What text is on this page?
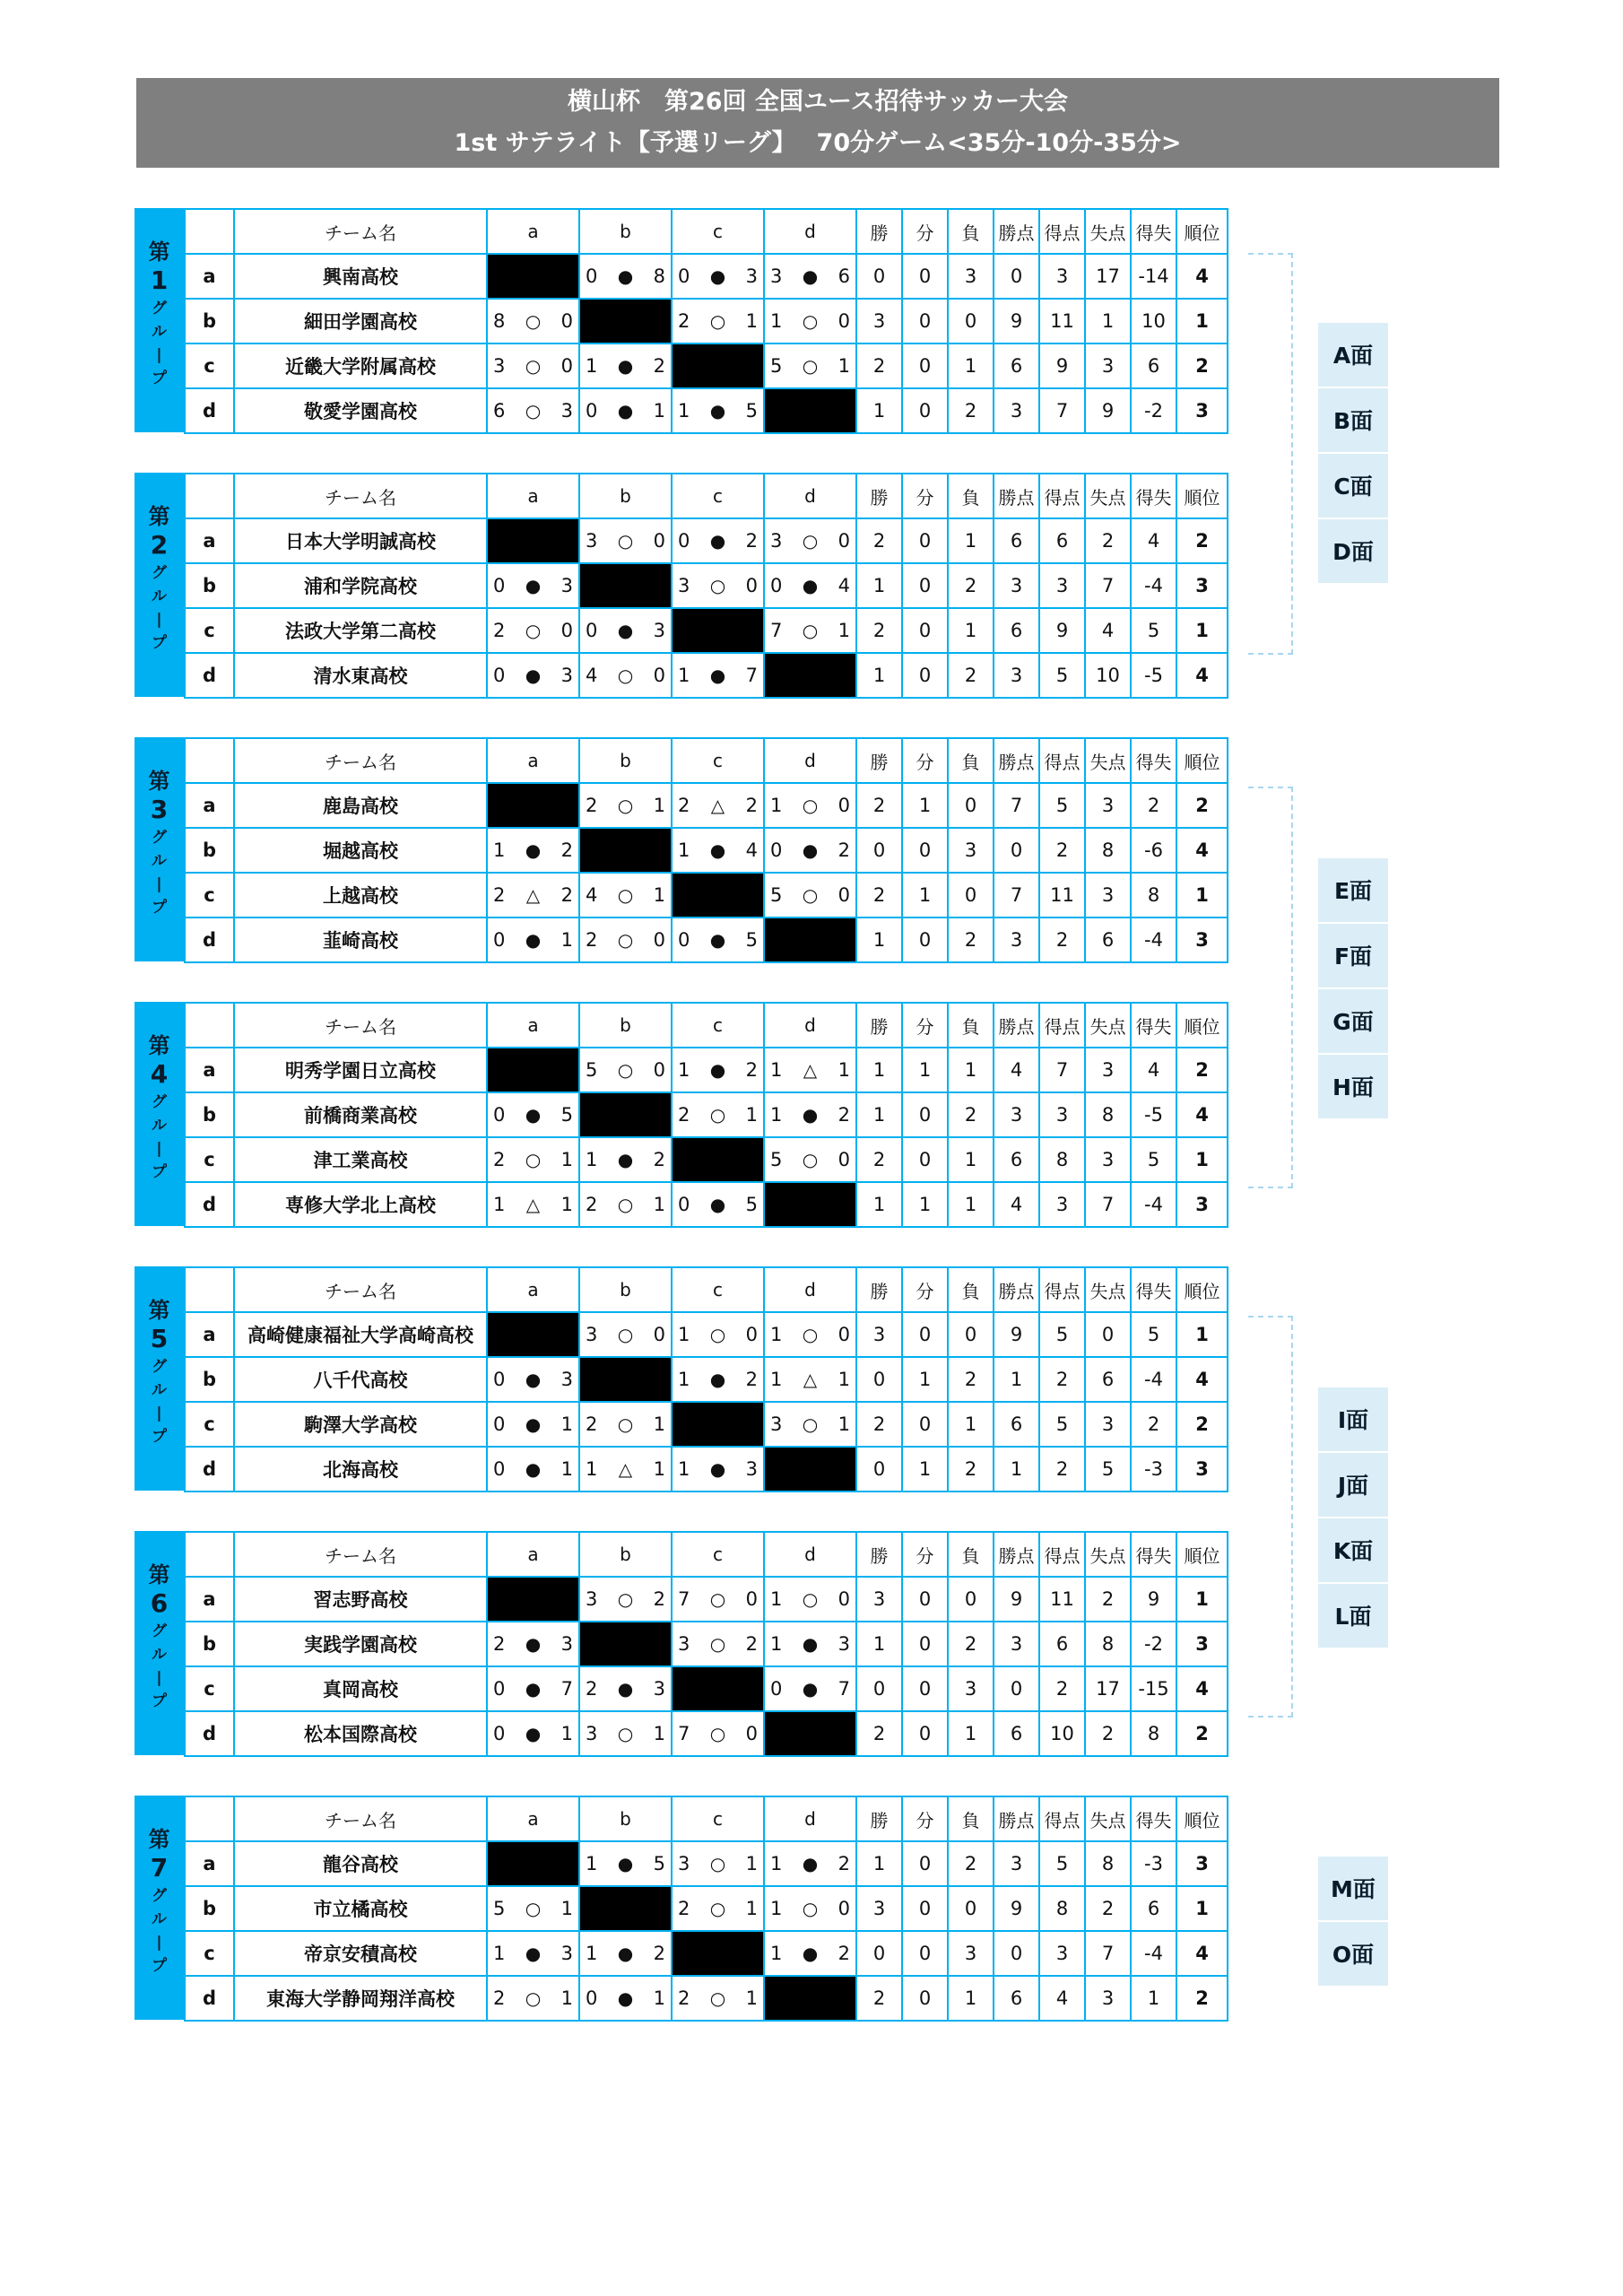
横山杯　第26回 全国ユース招待サッカー大会
1st サテライト【予選リーグ】　 70分ゲーム<35分-10分-35分>
第
1
グ
ル
|
プ
	チーム名	a	b	c	d	勝	分	負	勝点	得点	失点	得失	順位
a	興南高校		0 ● 8	0 ● 3	3 ● 6	0	0	3	0	3	17	-14	4
b	細田学園高校	8 ○ 0		2 ○ 1	1 ○ 0	3	0	0	9	11	1	10	1
c	近畿大学附属高校	3 ○ 0	1 ● 2		5 ○ 1	2	0	1	6	9	3	6	2
d	敬愛学園高校	6 ○ 3	0 ● 1	1 ● 5		1	0	2	3	7	9	-2	3
第
2
グ
ル
|
プ
	チーム名	a	b	c	d	勝	分	負	勝点	得点	失点	得失	順位
a	日本大学明誠高校		3 ○ 0	0 ● 2	3 ○ 0	2	0	1	6	6	2	4	2
b	浦和学院高校	0 ● 3		3 ○ 0	0 ● 4	1	0	2	3	3	7	-4	3
c	法政大学第二高校	2 ○ 0	0 ● 3		7 ○ 1	2	0	1	6	9	4	5	1
d	清水東高校	0 ● 3	4 ○ 0	1 ● 7		1	0	2	3	5	10	-5	4
第
3
グ
ル
|
プ
	チーム名	a	b	c	d	勝	分	負	勝点	得点	失点	得失	順位
a	鹿島高校		2 ○ 1	2 △ 2	1 ○ 0	2	1	0	7	5	3	2	2
b	堀越高校	1 ● 2		1 ● 4	0 ● 2	0	0	3	0	2	8	-6	4
c	上越高校	2 △ 2	4 ○ 1		5 ○ 0	2	1	0	7	11	3	8	1
d	韮崎高校	0 ● 1	2 ○ 0	0 ● 5		1	0	2	3	2	6	-4	3
第
4
グ
ル
|
プ
	チーム名	a	b	c	d	勝	分	負	勝点	得点	失点	得失	順位
a	明秀学園日立高校		5 ○ 0	1 ● 2	1 △ 1	1	1	1	4	7	3	4	2
b	前橋商業高校	0 ● 5		2 ○ 1	1 ● 2	1	0	2	3	3	8	-5	4
c	津工業高校	2 ○ 1	1 ● 2		5 ○ 0	2	0	1	6	8	3	5	1
d	専修大学北上高校	1 △ 1	2 ○ 1	0 ● 5		1	1	1	4	3	7	-4	3
第
5
グ
ル
|
プ
	チーム名	a	b	c	d	勝	分	負	勝点	得点	失点	得失	順位
a	高崎健康福祉大学高崎高校		3 ○ 0	1 ○ 0	1 ○ 0	3	0	0	9	5	0	5	1
b	八千代高校	0 ● 3		1 ● 2	1 △ 1	0	1	2	1	2	6	-4	4
c	駒澤大学高校	0 ● 1	2 ○ 1		3 ○ 1	2	0	1	6	5	3	2	2
d	北海高校	0 ● 1	1 △ 1	1 ● 3		0	1	2	1	2	5	-3	3
第
6
グ
ル
|
プ
	チーム名	a	b	c	d	勝	分	負	勝点	得点	失点	得失	順位
a	習志野高校		3 ○ 2	7 ○ 0	1 ○ 0	3	0	0	9	11	2	9	1
b	実践学園高校	2 ● 3		3 ○ 2	1 ● 3	1	0	2	3	6	8	-2	3
c	真岡高校	0 ● 7	2 ● 3		0 ● 7	0	0	3	0	2	17	-15	4
d	松本国際高校	0 ● 1	3 ○ 1	7 ○ 0		2	0	1	6	10	2	8	2
第
7
グ
ル
|
プ
	チーム名	a	b	c	d	勝	分	負	勝点	得点	失点	得失	順位
a	龍谷高校		1 ● 5	3 ○ 1	1 ● 2	1	0	2	3	5	8	-3	3
b	市立橘高校	5 ○ 1		2 ○ 1	1 ○ 0	3	0	0	9	8	2	6	1
c	帝京安積高校	1 ● 3	1 ● 2		1 ● 2	0	0	3	0	3	7	-4	4
d	東海大学静岡翔洋高校	2 ○ 1	0 ● 1	2 ○ 1		2	0	1	6	4	3	1	2
A面
B面
C面
D面
E面
F面
G面
H面
I面
J面
K面
L面
M面
O面
